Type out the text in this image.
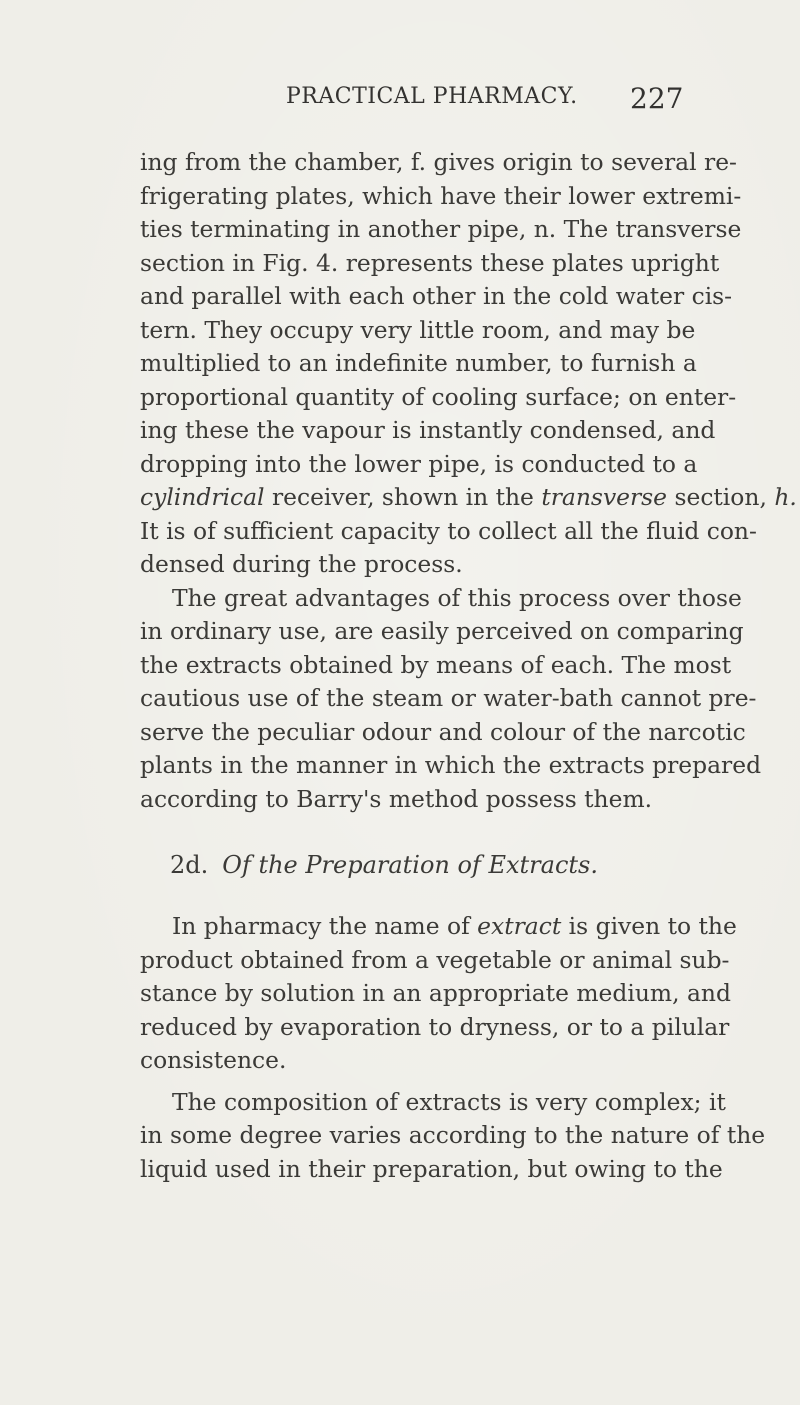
PRACTICAL PHARMACY. 227
ing from the chamber, f. gives origin to several re-
frigerating plates, which have their lower extremi-
ties terminating in another pipe, n. The transverse
section in Fig. 4. represents these plates upright
and parallel with each other in the cold water cis-
tern. They occupy very little room, and may be
multiplied to an indefinite number, to furnish a
proportional quantity of cooling surface; on enter-
ing these the vapour is instantly condensed, and
dropping into the lower pipe, is conducted to a
cylindrical receiver, shown in the transverse section, h.
It is of sufficient capacity to collect all the fluid con-
densed during the process.
The great advantages of this process over those
in ordinary use, are easily perceived on comparing
the extracts obtained by means of each. The most
cautious use of the steam or water-bath cannot pre-
serve the peculiar odour and colour of the narcotic
plants in the manner in which the extracts prepared
according to Barry's method possess them.
2d. Of the Preparation of Extracts.
In pharmacy the name of extract is given to the
product obtained from a vegetable or animal sub-
stance by solution in an appropriate medium, and
reduced by evaporation to dryness, or to a pilular
consistence.
The composition of extracts is very complex; it
in some degree varies according to the nature of the
liquid used in their preparation, but owing to the
